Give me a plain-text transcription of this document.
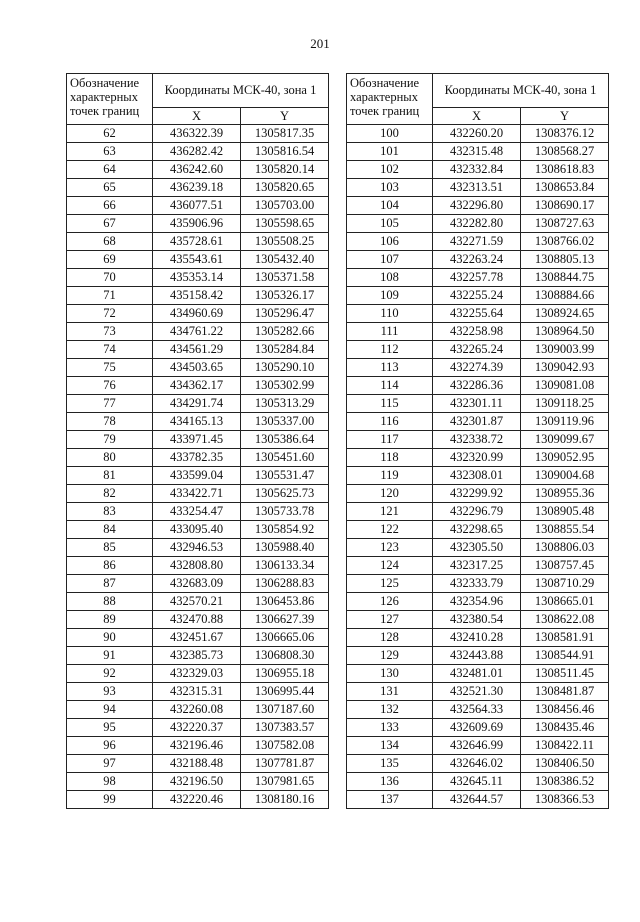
201
Обозначение характерных точек границ	Координаты МСК-40, зона 1	
	X	Y
62	436322.39	1305817.35
63	436282.42	1305816.54
64	436242.60	1305820.14
65	436239.18	1305820.65
66	436077.51	1305703.00
67	435906.96	1305598.65
68	435728.61	1305508.25
69	435543.61	1305432.40
70	435353.14	1305371.58
71	435158.42	1305326.17
72	434960.69	1305296.47
73	434761.22	1305282.66
74	434561.29	1305284.84
75	434503.65	1305290.10
76	434362.17	1305302.99
77	434291.74	1305313.29
78	434165.13	1305337.00
79	433971.45	1305386.64
80	433782.35	1305451.60
81	433599.04	1305531.47
82	433422.71	1305625.73
83	433254.47	1305733.78
84	433095.40	1305854.92
85	432946.53	1305988.40
86	432808.80	1306133.34
87	432683.09	1306288.83
88	432570.21	1306453.86
89	432470.88	1306627.39
90	432451.67	1306665.06
91	432385.73	1306808.30
92	432329.03	1306955.18
93	432315.31	1306995.44
94	432260.08	1307187.60
95	432220.37	1307383.57
96	432196.46	1307582.08
97	432188.48	1307781.87
98	432196.50	1307981.65
99	432220.46	1308180.16
Обозначение характерных точек границ	Координаты МСК-40, зона 1	
	X	Y
100	432260.20	1308376.12
101	432315.48	1308568.27
102	432332.84	1308618.83
103	432313.51	1308653.84
104	432296.80	1308690.17
105	432282.80	1308727.63
106	432271.59	1308766.02
107	432263.24	1308805.13
108	432257.78	1308844.75
109	432255.24	1308884.66
110	432255.64	1308924.65
111	432258.98	1308964.50
112	432265.24	1309003.99
113	432274.39	1309042.93
114	432286.36	1309081.08
115	432301.11	1309118.25
116	432301.87	1309119.96
117	432338.72	1309099.67
118	432320.99	1309052.95
119	432308.01	1309004.68
120	432299.92	1308955.36
121	432296.79	1308905.48
122	432298.65	1308855.54
123	432305.50	1308806.03
124	432317.25	1308757.45
125	432333.79	1308710.29
126	432354.96	1308665.01
127	432380.54	1308622.08
128	432410.28	1308581.91
129	432443.88	1308544.91
130	432481.01	1308511.45
131	432521.30	1308481.87
132	432564.33	1308456.46
133	432609.69	1308435.46
134	432646.99	1308422.11
135	432646.02	1308406.50
136	432645.11	1308386.52
137	432644.57	1308366.53
